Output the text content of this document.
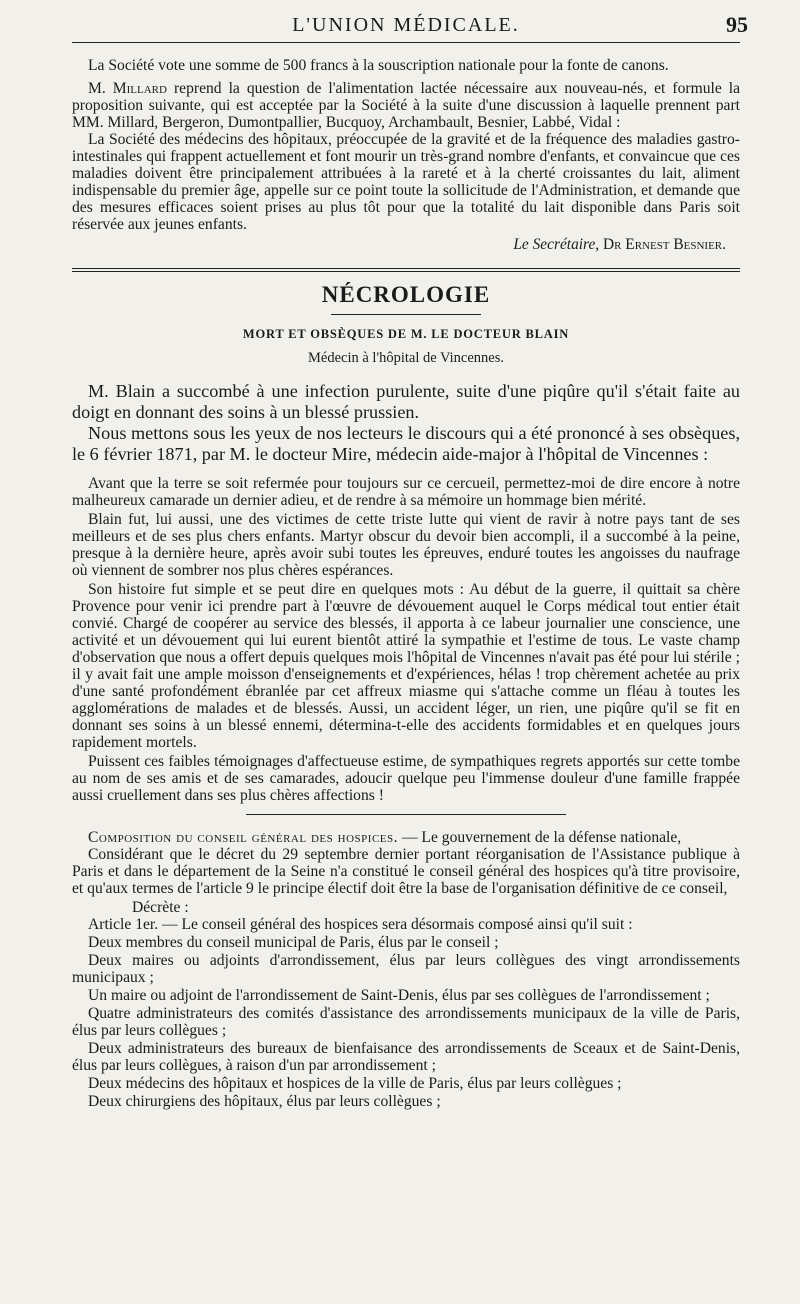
L'UNION MÉDICALE.	95

La Société vote une somme de 500 francs à la souscription nationale pour la fonte de canons.

M. Millard reprend la question de l'alimentation lactée nécessaire aux nouveau-nés, et formule la proposition suivante, qui est acceptée par la Société à la suite d'une discussion à laquelle prennent part MM. Millard, Bergeron, Dumontpallier, Bucquoy, Archambault, Besnier, Labbé, Vidal :

La Société des médecins des hôpitaux, préoccupée de la gravité et de la fréquence des maladies gastro-intestinales qui frappent actuellement et font mourir un très-grand nombre d'enfants, et convaincue que ces maladies doivent être principalement attribuées à la rareté et à la cherté croissantes du lait, aliment indispensable du premier âge, appelle sur ce point toute la sollicitude de l'Administration, et demande que des mesures efficaces soient prises au plus tôt pour que la totalité du lait disponible dans Paris soit réservée aux jeunes enfants.

Le Secrétaire, Dr Ernest Besnier.
NÉCROLOGIE
MORT ET OBSÈQUES DE M. LE DOCTEUR BLAIN
Médecin à l'hôpital de Vincennes.

M. Blain a succombé à une infection purulente, suite d'une piqûre qu'il s'était faite au doigt en donnant des soins à un blessé prussien.

Nous mettons sous les yeux de nos lecteurs le discours qui a été prononcé à ses obsèques, le 6 février 1871, par M. le docteur Mire, médecin aide-major à l'hôpital de Vincennes :

Avant que la terre se soit refermée pour toujours sur ce cercueil, permettez-moi de dire encore à notre malheureux camarade un dernier adieu, et de rendre à sa mémoire un hommage bien mérité.

Blain fut, lui aussi, une des victimes de cette triste lutte qui vient de ravir à notre pays tant de ses meilleurs et de ses plus chers enfants. Martyr obscur du devoir bien accompli, il a succombé à la peine, presque à la dernière heure, après avoir subi toutes les épreuves, enduré toutes les angoisses du naufrage où viennent de sombrer nos plus chères espérances.

Son histoire fut simple et se peut dire en quelques mots : Au début de la guerre, il quittait sa chère Provence pour venir ici prendre part à l'œuvre de dévouement auquel le Corps médical tout entier était convié. Chargé de coopérer au service des blessés, il apporta à ce labeur journalier une conscience, une activité et un dévouement qui lui eurent bientôt attiré la sympathie et l'estime de tous. Le vaste champ d'observation que nous a offert depuis quelques mois l'hôpital de Vincennes n'avait pas été pour lui stérile ; il y avait fait une ample moisson d'enseignements et d'expériences, hélas ! trop chèrement achetée au prix d'une santé profondément ébranlée par cet affreux miasme qui s'attache comme un fléau à toutes les agglomérations de malades et de blessés. Aussi, un accident léger, un rien, une piqûre qu'il se fit en donnant ses soins à un blessé ennemi, détermina-t-elle des accidents formidables et en quelques jours rapidement mortels.

Puissent ces faibles témoignages d'affectueuse estime, de sympathiques regrets apportés sur cette tombe au nom de ses amis et de ses camarades, adoucir quelque peu l'immense douleur d'une famille frappée aussi cruellement dans ses plus chères affections !

Composition du conseil général des hospices. — Le gouvernement de la défense nationale,

Considérant que le décret du 29 septembre dernier portant réorganisation de l'Assistance publique à Paris et dans le département de la Seine n'a constitué le conseil général des hospices qu'à titre provisoire, et qu'aux termes de l'article 9 le principe électif doit être la base de l'organisation définitive de ce conseil,

Décrète :

Article 1er. — Le conseil général des hospices sera désormais composé ainsi qu'il suit :

Deux membres du conseil municipal de Paris, élus par le conseil ;

Deux maires ou adjoints d'arrondissement, élus par leurs collègues des vingt arrondissements municipaux ;

Un maire ou adjoint de l'arrondissement de Saint-Denis, élus par ses collègues de l'arrondissement ;

Quatre administrateurs des comités d'assistance des arrondissements municipaux de la ville de Paris, élus par leurs collègues ;

Deux administrateurs des bureaux de bienfaisance des arrondissements de Sceaux et de Saint-Denis, élus par leurs collègues, à raison d'un par arrondissement ;

Deux médecins des hôpitaux et hospices de la ville de Paris, élus par leurs collègues ;

Deux chirurgiens des hôpitaux, élus par leurs collègues ;
